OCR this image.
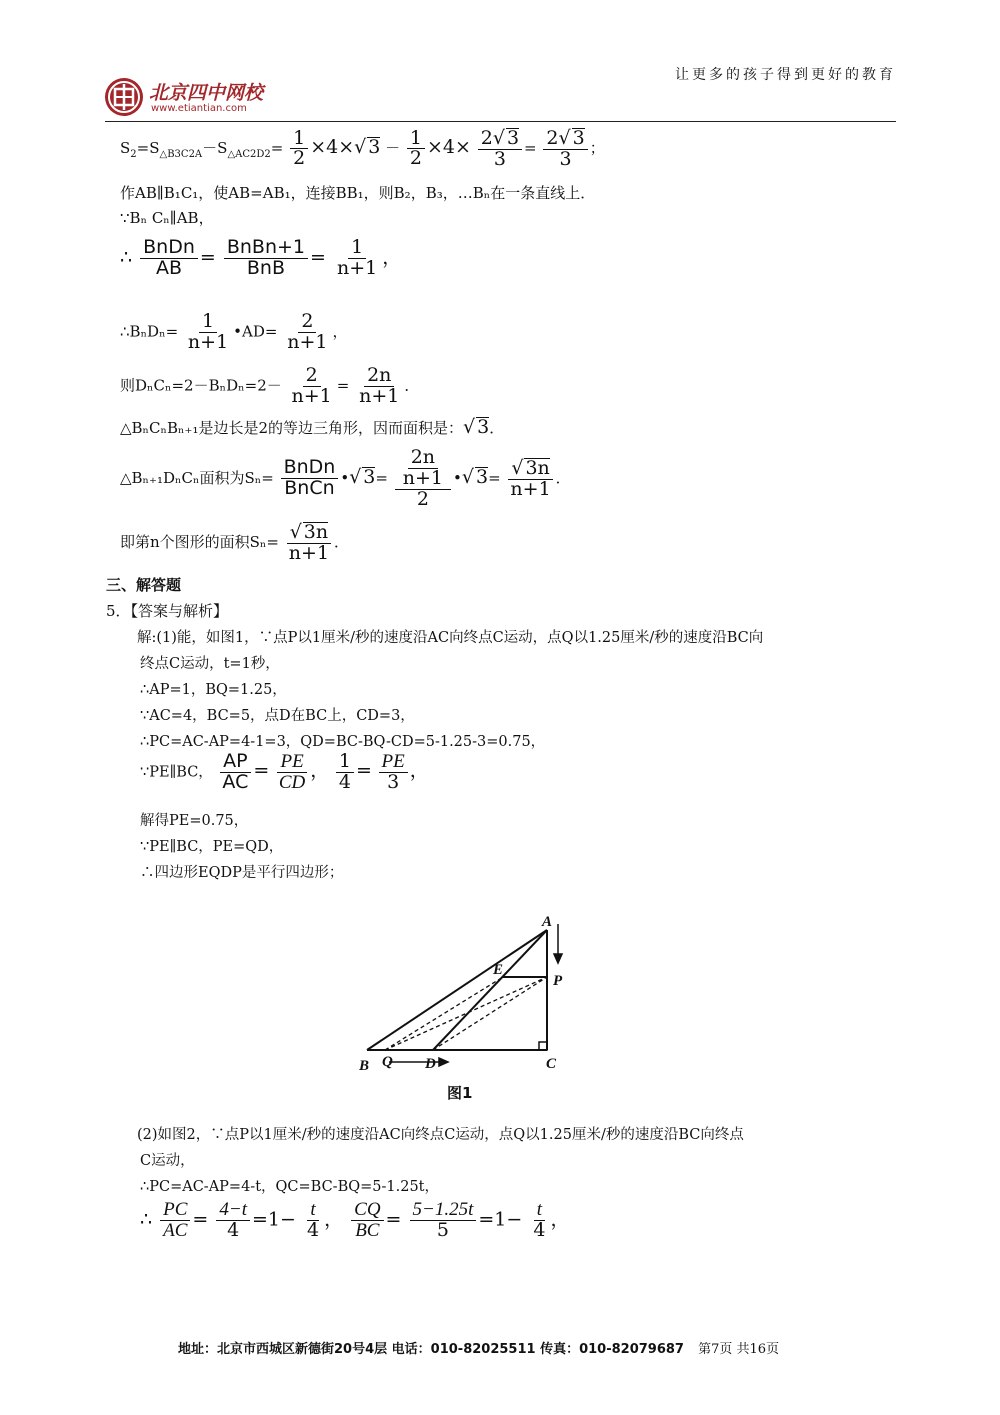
北京四中网校
www.etiantian.com
让更多的孩子得到更好的教育
$S_2=S_{\triangle B3C2A}-S_{\triangle AC2D2}= \frac{1}{2} \times 4\times√$ $3 - \frac{1}{2} \times 4\times \frac{2√ 3}{3} = \frac{2√ 3}{3}$ ；
作AB∥B₁C₁，使AB=AB₁，连接BB₁，则B₂，B₃，…Bₙ在一条直线上．
∵Bₙ Cₙ∥AB，
∴ $\frac{\text{BnDn}}{AB} = \frac{\text{BnBn+1}}{\text{BnB}} = \frac{1}{n+1}$ ，
∴BₙDₙ= $\frac{1}{n+1}$ •AD= $\frac{2}{n+1}$ ，
则$D_nC_n=2-B_nD_n=2- \frac{2}{n+1} = \frac{2n}{n+1}$ ．
△BₙCₙBₙ₊₁是边长是2的等边三角形，因而面积是：√ 3．
△Bₙ₊₁DₙCₙ面积为$S_n= \frac{\text{BnDn}}{\text{BnCn}}$ •√ $3= \frac{\frac{2n}{n+1}}{2}$ •√ $3= \frac{√ 3n}{n+1}$ ．
即第n个图形的面积$S_n= \frac{√ 3n}{n+1}$ ．
三、解答题
5．【答案与解析】
解:(1)能，如图1，∵点P以1厘米/秒的速度沿AC向终点C运动，点Q以1.25厘米/秒的速度沿BC向
终点C运动，t=1秒，
∴AP=1，BQ=1.25，
∵AC=4，BC=5，点D在BC上，CD=3，
∴PC=AC-AP=4-1=3，QD=BC-BQ-CD=5-1.25-3=0.75，
∵PE∥BC， $\frac{AP}{AC} = \frac{PE}{CD}$ ， $\frac{1}{4} = \frac{PE}{3}$ ，
解得PE=0.75，
∵PE∥BC，PE=QD，
∴四边形EQDP是平行四边形；
A
P
E
B Q D	C
图1
(2)如图2，∵点P以1厘米/秒的速度沿AC向终点C运动，点Q以1.25厘米/秒的速度沿BC向终点
C运动，
∴PC=AC-AP=4-t，QC=BC-BQ=5-1.25t，
∴ $\frac{PC}{AC} = \frac{4-t}{4} =1- \frac{t}{4}$ ， $\frac{CQ}{BC} = \frac{5-1.25t}{5} =1- \frac{t}{4}$ ，
地址：北京市西城区新德街20号4层 电话：010-82025511 传真：010-82079687 第7页 共16页
